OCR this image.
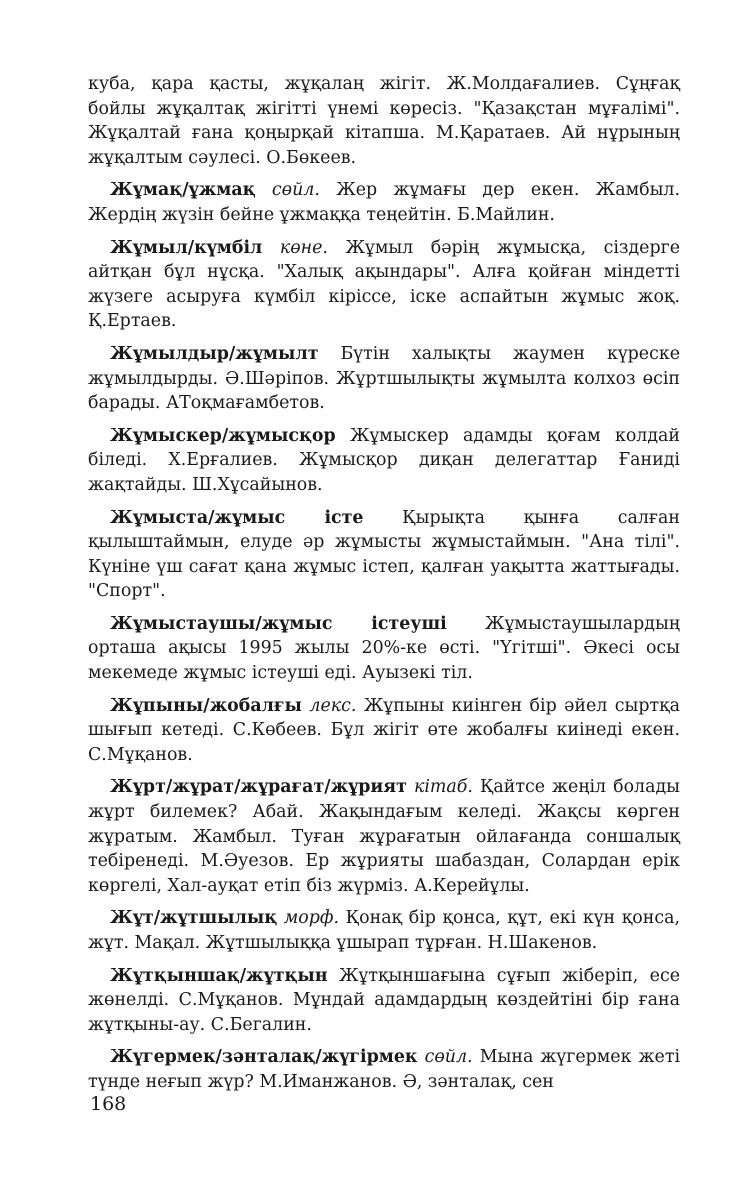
куба, қара қасты, жұқалаң жігіт. Ж.Молдағалиев. Сұңғақ бойлы жұқалтақ жігітті үнемі көресіз. "Қазақстан мұғалімі". Жұқалтай ғана қоңырқай кітапша. М.Қаратаев. Ай нұрының жұқалтым сәулесі. О.Бөкеев.

Жұмақ/ұжмақ сөйл. Жер жұмағы дер екен. Жамбыл. Жердің жүзін бейне ұжмаққа теңейтін. Б.Майлин.

Жұмыл/күмбіл көне. Жұмыл бәрің жұмысқа, сіздерге айтқан бұл нұсқа. "Халық ақындары". Алға қойған міндетті жүзеге асыруға күмбіл кіріссе, іске аспайтын жұмыс жоқ. Қ.Ертаев.

Жұмылдыр/жұмылт Бүтін халықты жаумен күреске жұмылдырды. Ә.Шәріпов. Жұртшылықты жұмылта колхоз өсіп барады. АТоқмағамбетов.

Жұмыскер/жұмысқор Жұмыскер адамды қоғам колдай біледі. Х.Ерғалиев. Жұмысқор диқан делегаттар Ғаниді жақтайды. Ш.Хұсайынов.

Жұмыста/жұмыс істе Қырықта қынға салған қылыштаймын, елуде әр жұмысты жұмыстаймын. "Ана тілі". Күніне үш сағат қана жұмыс істеп, қалған уақытта жаттығады. "Спорт".

Жұмыстаушы/жұмыс істеуші Жұмыстаушылардың орташа ақысы 1995 жылы 20%-ке өсті. "Үгітші". Әкесі осы мекемеде жұмыс істеуші еді. Ауызекі тіл.

Жұпыны/жобалғы лекс. Жұпыны киінген бір әйел сыртқа шығып кетеді. С.Көбеев. Бұл жігіт өте жобалғы киінеді екен. С.Мұқанов.

Жұрт/жұрат/жұрағат/жұрият кітаб. Қайтсе жеңіл болады жұрт билемек? Абай. Жақындағым келеді. Жақсы көрген жұратым. Жамбыл. Туған жұрағатын ойлағанда соншалық тебіренеді. М.Әуезов. Ер жұрияты шабаздан, Солардан ерік көргелі, Хал-ауқат етіп біз жүрміз. А.Керейұлы.

Жұт/жұтшылық морф. Қонақ бір қонса, құт, екі күн қонса, жұт. Мақал. Жұтшылыққа ұшырап тұрған. Н.Шакенов.

Жұтқыншақ/жұтқын Жұтқыншағына сұғып жіберіп, есе жөнелді. С.Мұқанов. Мұндай адамдардың көздейтіні бір ғана жұтқыны-ау. С.Бегалин.

Жүгермек/зәнталақ/жүгірмек сөйл. Мына жүгермек жеті түнде неғып жүр? М.Иманжанов. Ә, зәнталақ, сен

168
